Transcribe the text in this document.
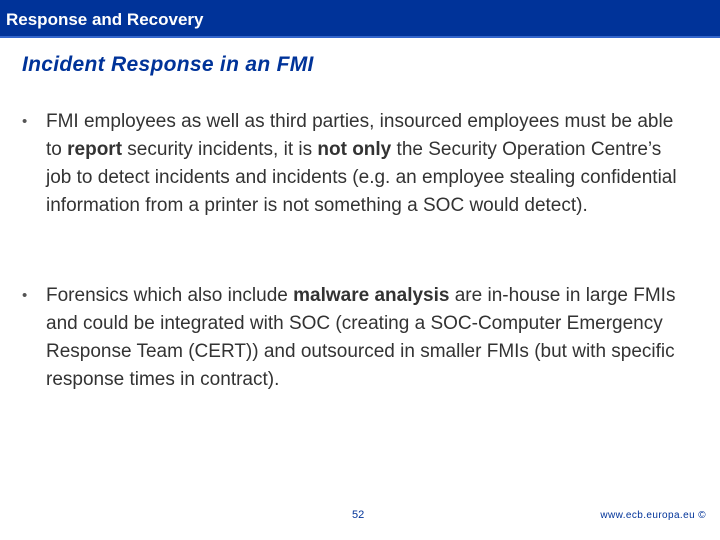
Response and Recovery
Incident Response in an FMI
• FMI employees as well as third parties, insourced employees must be able to report security incidents, it is not only the Security Operation Centre’s job to detect incidents and incidents (e.g. an employee stealing confidential information from a printer is not something a SOC would detect).
• Forensics which also include malware analysis are in-house in large FMIs and could be integrated with SOC (creating a SOC-Computer Emergency Response Team (CERT)) and outsourced in smaller FMIs (but with specific response times in contract).
52	www.ecb.europa.eu ©
